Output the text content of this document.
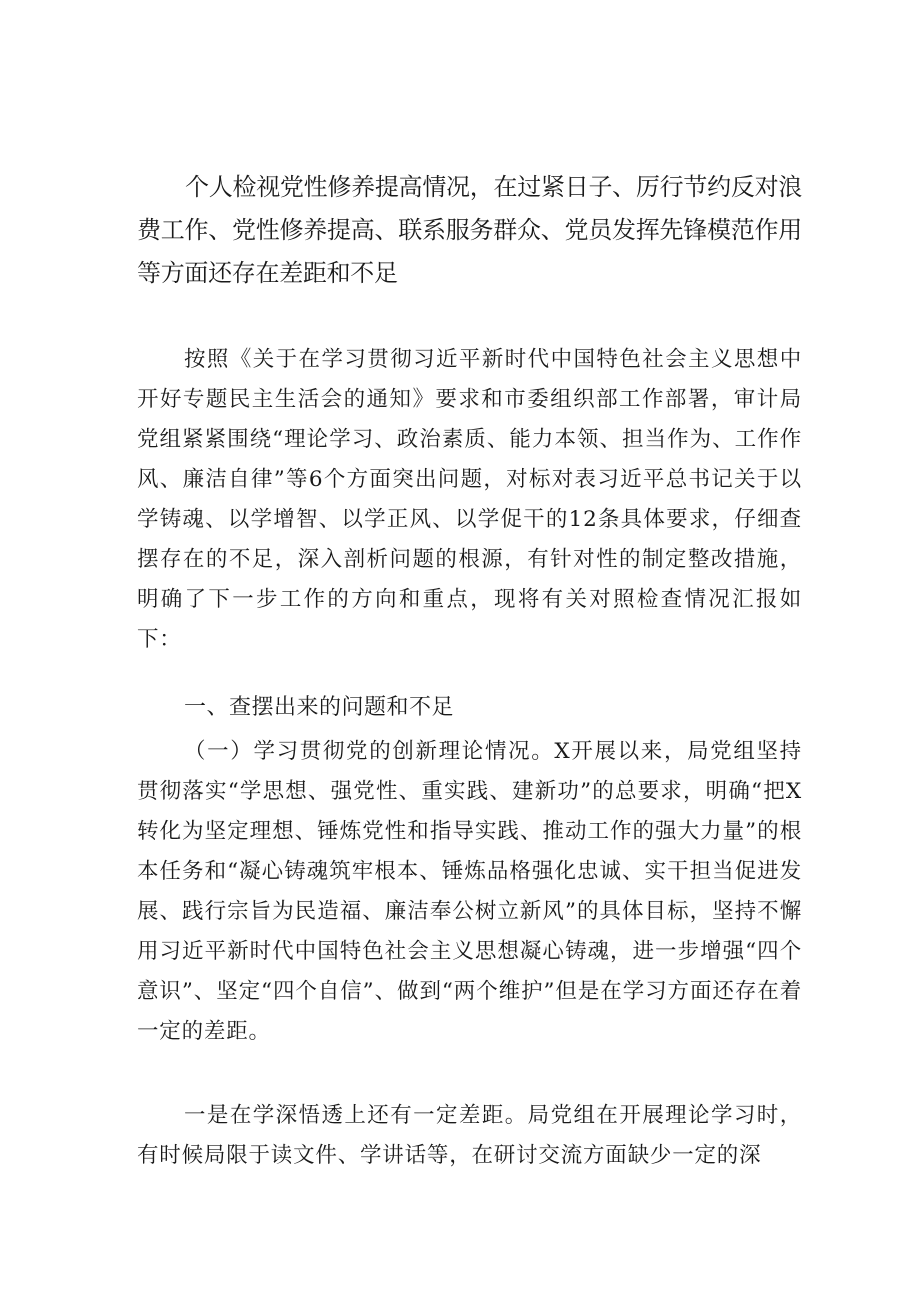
个人检视党性修养提高情况，在过紧日子、厉行节约反对浪费工作、党性修养提高、联系服务群众、党员发挥先锋模范作用等方面还存在差距和不足

按照《关于在学习贯彻习近平新时代中国特色社会主义思想中开好专题民主生活会的通知》要求和市委组织部工作部署，审计局党组紧紧围绕“理论学习、政治素质、能力本领、担当作为、工作作风、廉洁自律”等6个方面突出问题，对标对表习近平总书记关于以学铸魂、以学增智、以学正风、以学促干的12条具体要求，仔细查摆存在的不足，深入剖析问题的根源，有针对性的制定整改措施，明确了下一步工作的方向和重点，现将有关对照检查情况汇报如下：

一、查摆出来的问题和不足

（一）学习贯彻党的创新理论情况。X开展以来，局党组坚持贯彻落实“学思想、强党性、重实践、建新功”的总要求，明确“把X转化为坚定理想、锤炼党性和指导实践、推动工作的强大力量”的根本任务和“凝心铸魂筑牢根本、锤炼品格强化忠诚、实干担当促进发展、践行宗旨为民造福、廉洁奉公树立新风”的具体目标，坚持不懈用习近平新时代中国特色社会主义思想凝心铸魂，进一步增强“四个意识”、坚定“四个自信”、做到“两个维护”但是在学习方面还存在着一定的差距。

一是在学深悟透上还有一定差距。局党组在开展理论学习时，有时候局限于读文件、学讲话等，在研讨交流方面缺少一定的深
